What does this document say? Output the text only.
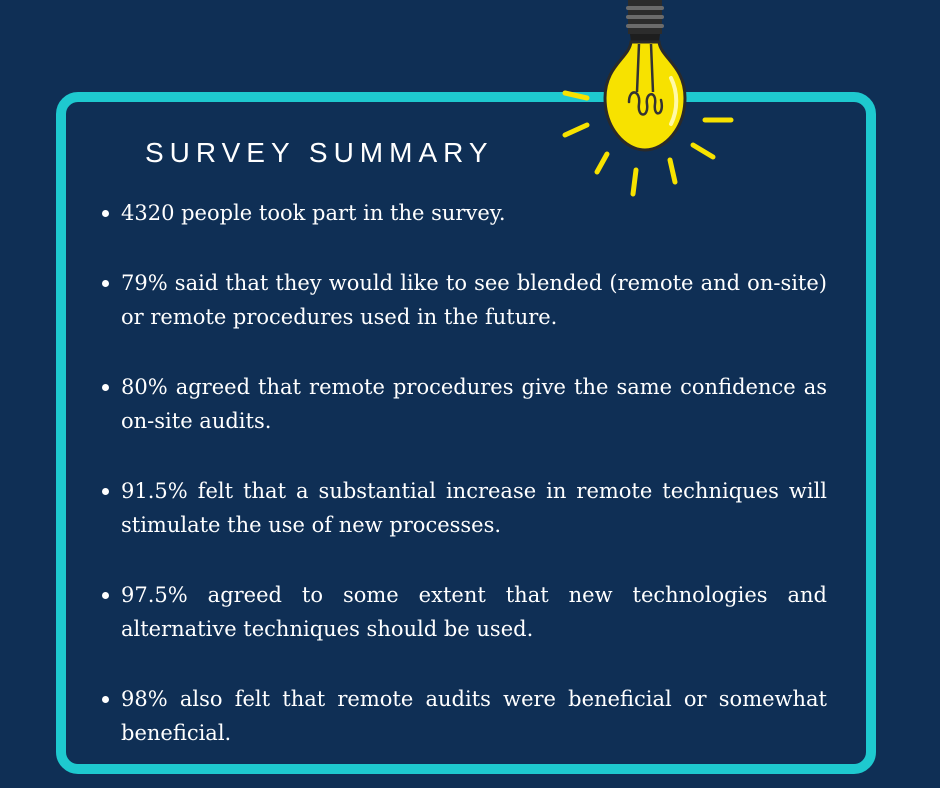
SURVEY SUMMARY
4320 people took part in the survey.
79% said that they would like to see blended (remote and on-site) or remote procedures used in the future.
80% agreed that remote procedures give the same confidence as on-site audits.
91.5% felt that a substantial increase in remote techniques will stimulate the use of new processes.
97.5% agreed to some extent that new technologies and alternative techniques should be used.
98% also felt that remote audits were beneficial or somewhat beneficial.
